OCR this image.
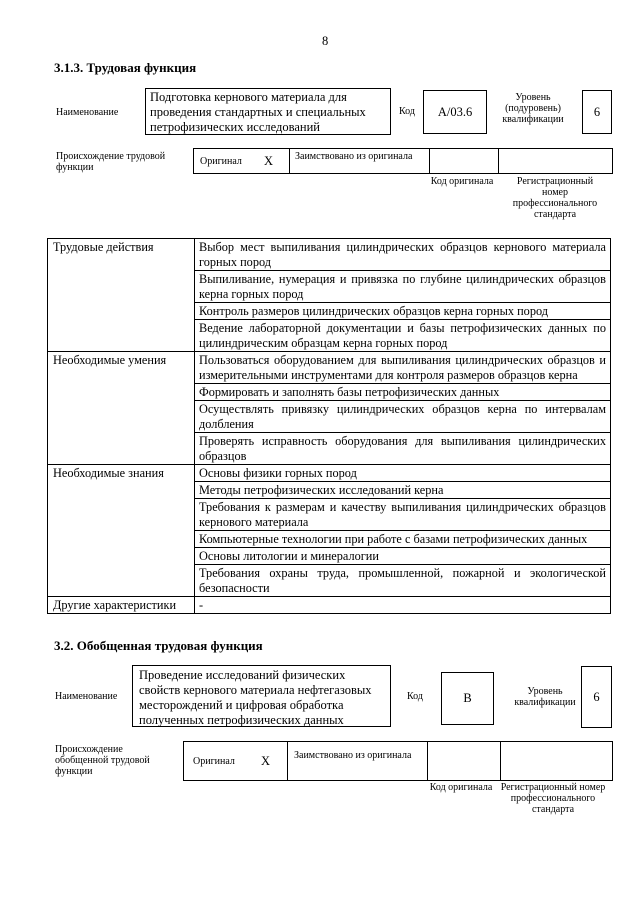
8
3.1.3. Трудовая функция
Наименование
Подготовка кернового материала для проведения стандартных и специальных петрофизических исследований
Код	A/03.6
Уровень (подуровень) квалификации
6
Происхождение трудовой функции
Оригинал X Заимствовано из оригинала
Код оригинала	Регистрационный номер профессионального стандарта
Трудовые действия	Выбор мест выпиливания цилиндрических образцов кернового материала горных пород
	Выпиливание, нумерация и привязка по глубине цилиндрических образцов керна горных пород
	Контроль размеров цилиндрических образцов керна горных пород
	Ведение лабораторной документации и базы петрофизических данных по цилиндрическим образцам керна горных пород
Необходимые умения	Пользоваться оборудованием для выпиливания цилиндрических образцов и измерительными инструментами для контроля размеров образцов керна
	Формировать и заполнять базы петрофизических данных
	Осуществлять привязку цилиндрических образцов керна по интервалам долбления
	Проверять исправность оборудования для выпиливания цилиндрических образцов
Необходимые знания	Основы физики горных пород
	Методы петрофизических исследований керна
	Требования к размерам и качеству выпиливания цилиндрических образцов кернового материала
	Компьютерные технологии при работе с базами петрофизических данных
	Основы литологии и минералогии
	Требования охраны труда, промышленной, пожарной и экологической безопасности
Другие характеристики	-
3.2. Обобщенная трудовая функция
Наименование
Проведение исследований физических свойств кернового материала нефтегазовых месторождений и цифровая обработка полученных петрофизических данных
Код	B	Уровень квалификации	6
Происхождение обобщенной трудовой функции
Оригинал X Заимствовано из оригинала
Код оригинала Регистрационный номер профессионального стандарта
